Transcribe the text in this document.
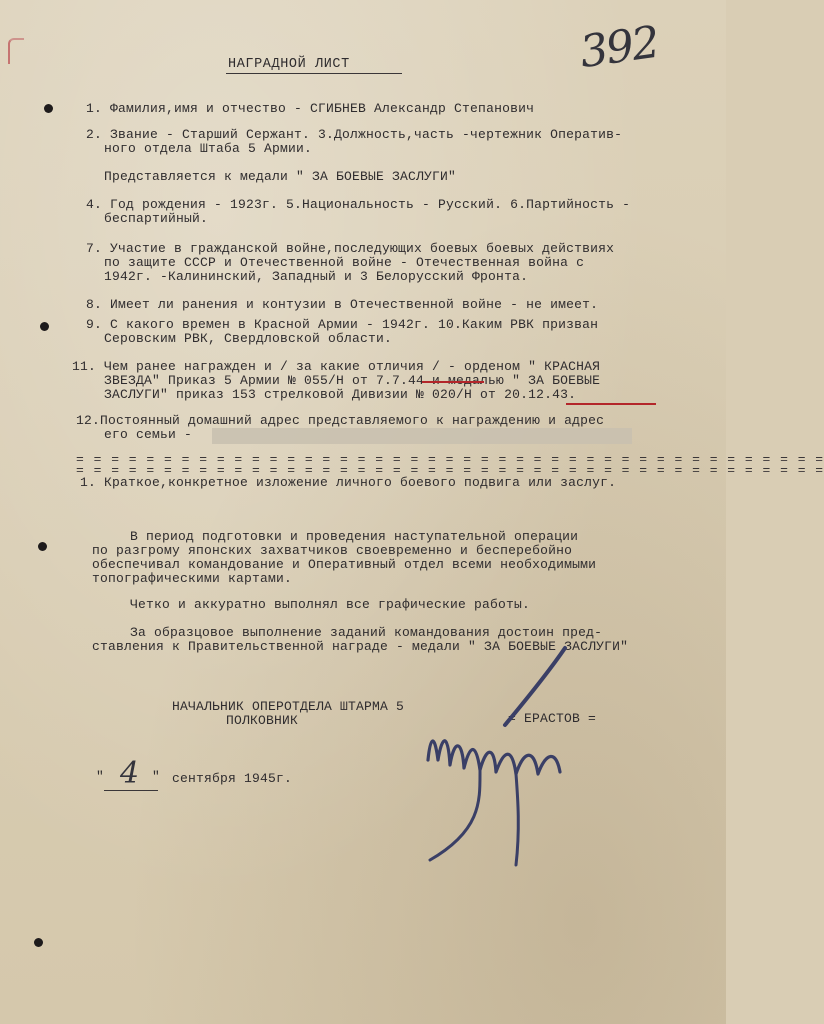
392
НАГРАДНОЙ ЛИСТ
1. Фамилия,имя и отчество - СГИБНЕВ Александр Степанович
2. Звание - Старший Сержант. 3.Должность,часть -чертежник Оператив-
ного отдела Штаба 5 Армии.
Представляется к медали " ЗА БОЕВЫЕ ЗАСЛУГИ"
4. Год рождения - 1923г. 5.Национальность - Русский. 6.Партийность -
беспартийный.
7. Участие в гражданской войне,последующих боевых боевых действиях
по защите СССР и Отечественной войне - Отечественная война с
1942г. -Калининский, Западный и 3 Белорусский Фронта.
8. Имеет ли ранения и контузии в Отечественной войне - не имеет.
9. С какого времен в Красной Армии - 1942г. 10.Каким РВК призван
Серовским РВК, Свердловской области.
11. Чем ранее награжден и / за какие отличия / - орденом " КРАСНАЯ
ЗВЕЗДА" Приказ 5 Армии № 055/Н от 7.7.44 и медалью " ЗА БОЕВЫЕ
ЗАСЛУГИ" приказ 153 стрелковой Дивизии № 020/Н от 20.12.43.
12.Постоянный домашний адрес представляемого к награждению и адрес
его семьи -
= = = = = = = = = = = = = = = = = = = = = = = = = = = = = = = = = = = = = = = = = = =
= = = = = = = = = = = = = = = = = = = = = = = = = = = = = = = = = = = = = = = = = = =
1. Краткое,конкретное изложение личного боевого подвига или заслуг.
В период подготовки и проведения наступательной операции
по разгрому японских захватчиков своевременно и бесперебойно
обеспечивал командование и Оперативный отдел всеми необходимыми
топографическими картами.
Четко и аккуратно выполнял все графические работы.
За образцовое выполнение заданий командования достоин пред-
ставления к Правительственной награде - медали " ЗА БОЕВЫЕ ЗАСЛУГИ"
НАЧАЛЬНИК ОПЕРОТДЕЛА ШТАРМА 5
ПОЛКОВНИК	= ЕРАСТОВ =
" 4 " сентября 1945г.
